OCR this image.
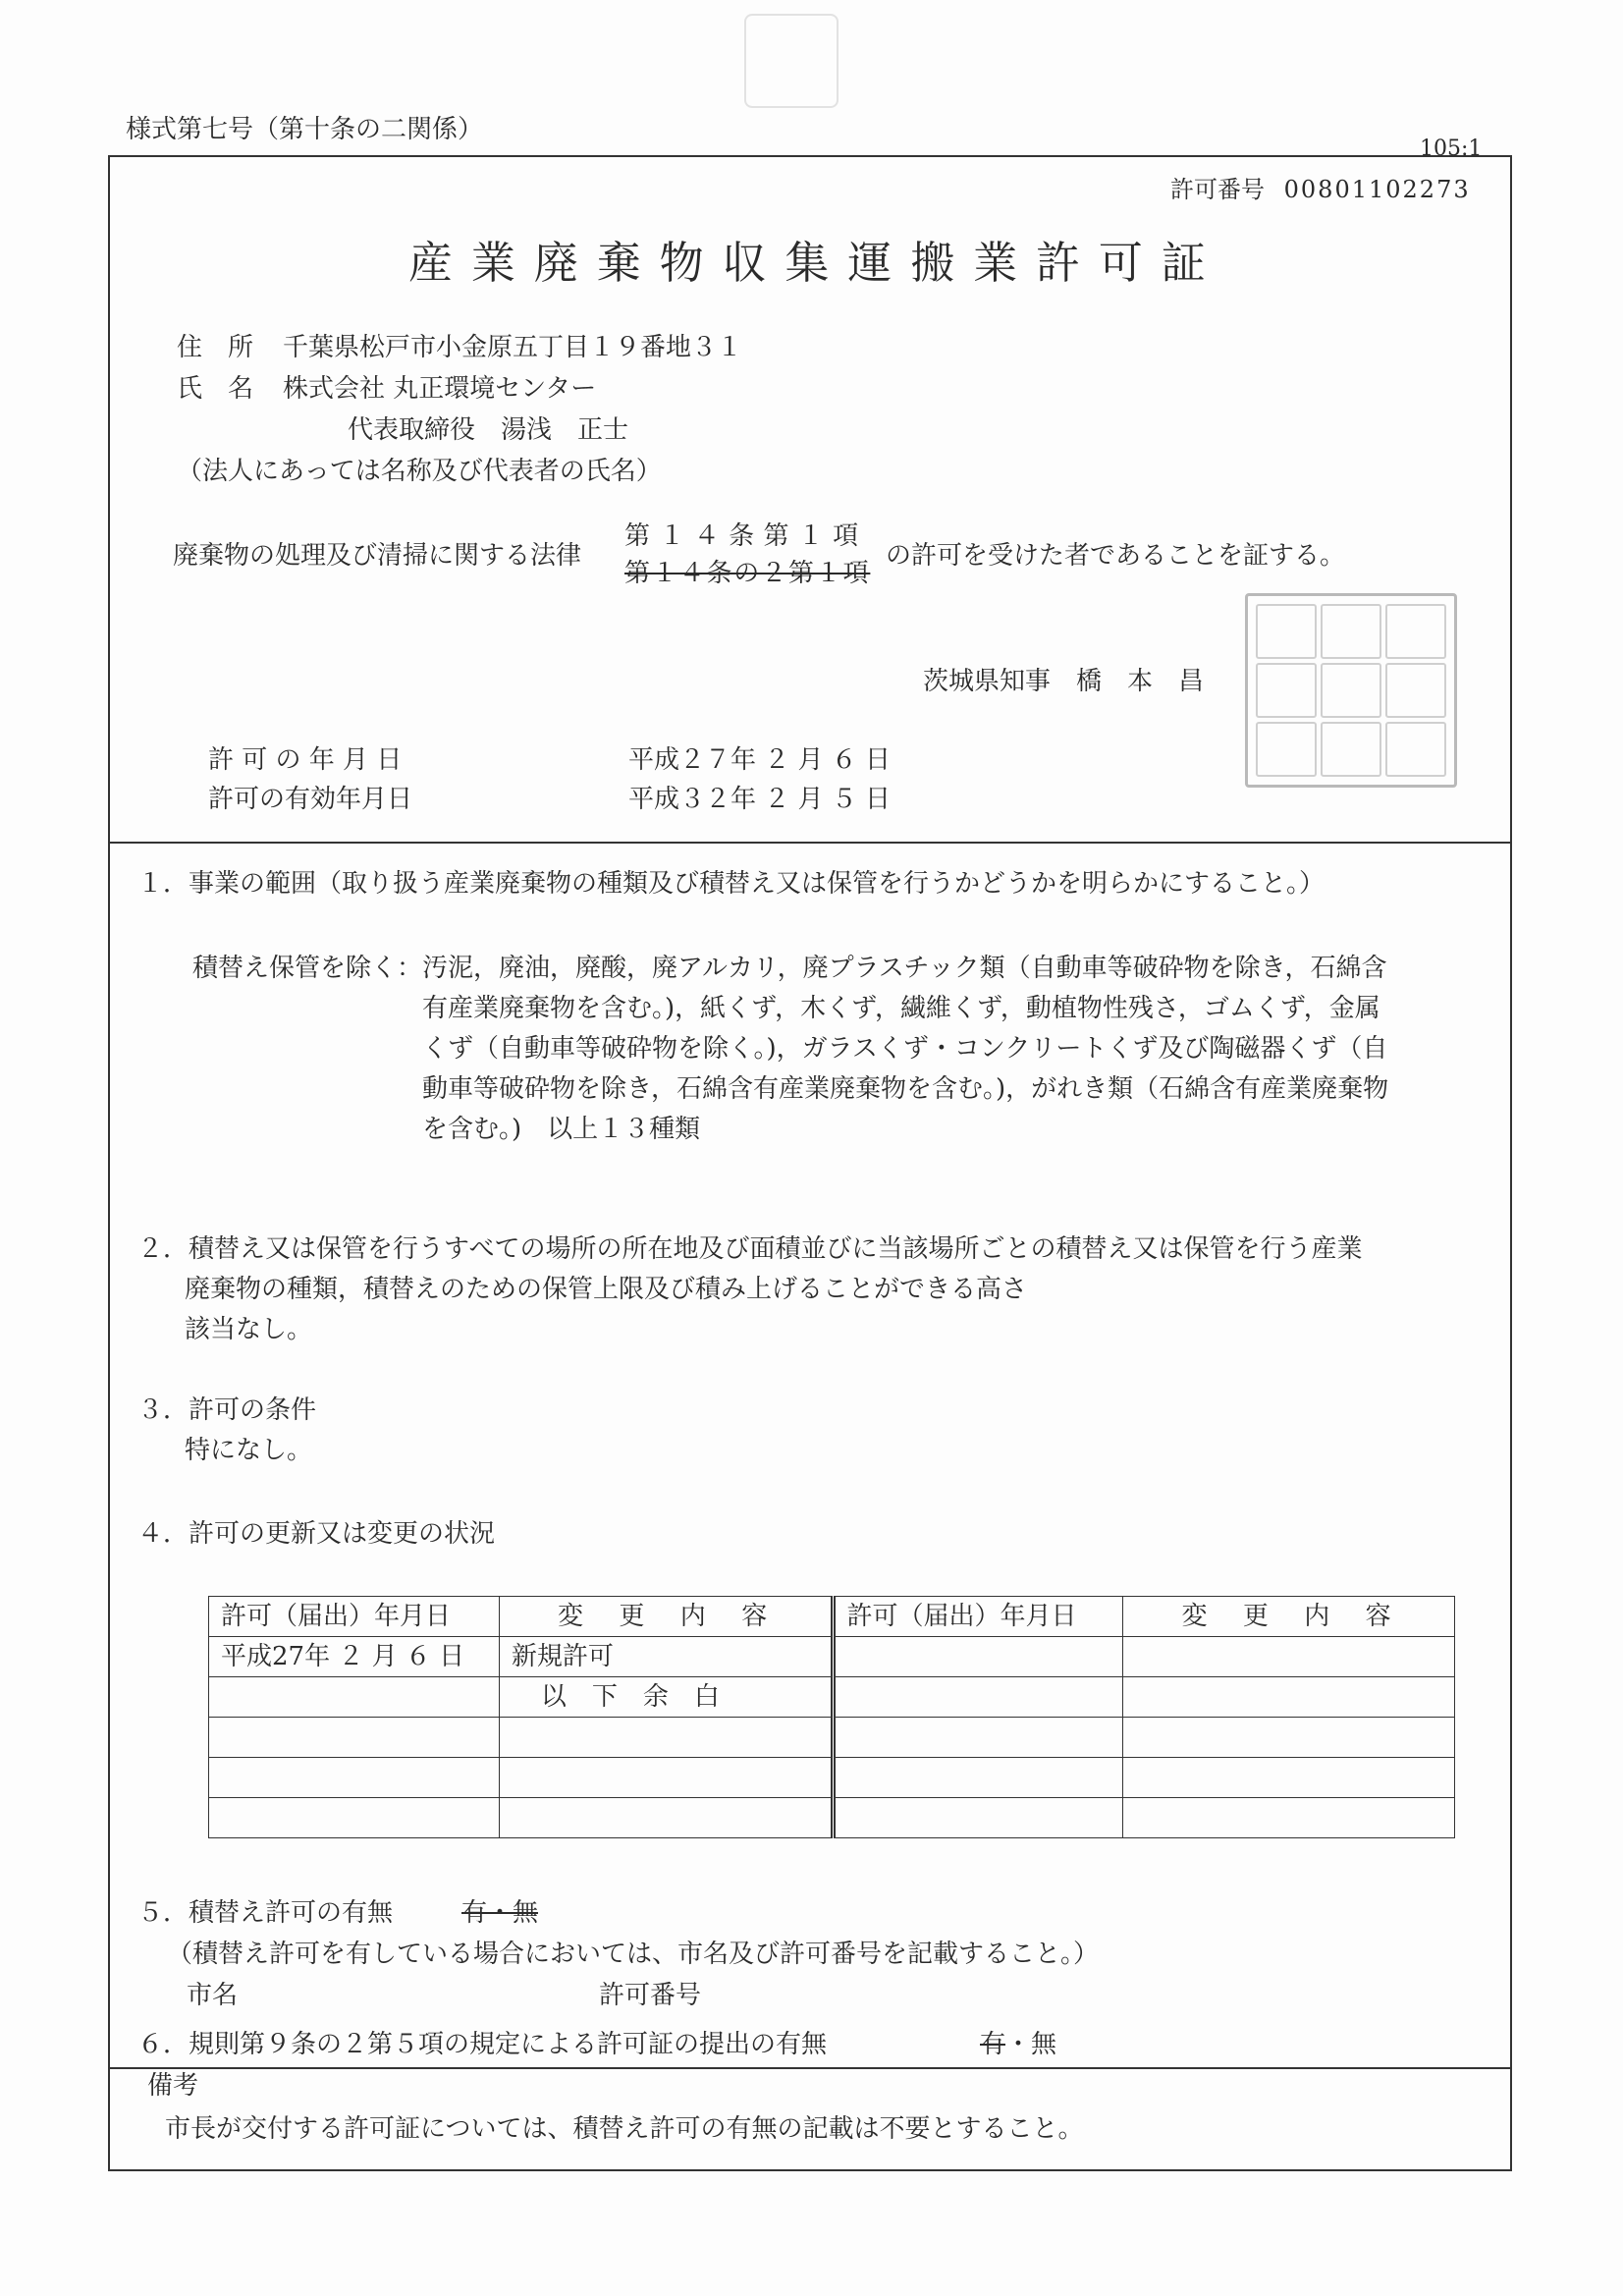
様式第七号（第十条の二関係）
105:1
許可番号 00801102273
産業廃棄物収集運搬業許可証
住　所 千葉県松戸市小金原五丁目１９番地３１
氏　名 株式会社 丸正環境センター
代表取締役　湯浅　正士
（法人にあっては名称及び代表者の氏名）
廃棄物の処理及び清掃に関する法律
第１４条第１項
第１４条の２第１項
の許可を受けた者であることを証する。
茨城県知事　橋　本　昌
許 可 の 年 月 日	平成２７年 ２ 月 ６ 日
許可の有効年月日	平成３２年 ２ 月 ５ 日
１．事業の範囲（取り扱う産業廃棄物の種類及び積替え又は保管を行うかどうかを明らかにすること。）
積替え保管を除く： 汚泥，廃油，廃酸，廃アルカリ，廃プラスチック類（自動車等破砕物を除き，石綿含
有産業廃棄物を含む。)，紙くず，木くず，繊維くず，動植物性残さ，ゴムくず，金属
くず（自動車等破砕物を除く。)，ガラスくず・コンクリートくず及び陶磁器くず（自
動車等破砕物を除き，石綿含有産業廃棄物を含む。)，がれき類（石綿含有産業廃棄物
を含む。)　以上１３種類
２．積替え又は保管を行うすべての場所の所在地及び面積並びに当該場所ごとの積替え又は保管を行う産業
廃棄物の種類，積替えのための保管上限及び積み上げることができる高さ
該当なし。
３．許可の条件
特になし。
４．許可の更新又は変更の状況
許可（届出）年月日	変　更　内　容	許可（届出）年月日	変　更　内　容
平成27年 ２ 月 ６ 日	新規許可		
	以　下　余　白		

５．積替え許可の有無	有・無
（積替え許可を有している場合においては、市名及び許可番号を記載すること。）
市名	許可番号
６．規則第９条の２第５項の規定による許可証の提出の有無	有・無
備考
市長が交付する許可証については、積替え許可の有無の記載は不要とすること。
